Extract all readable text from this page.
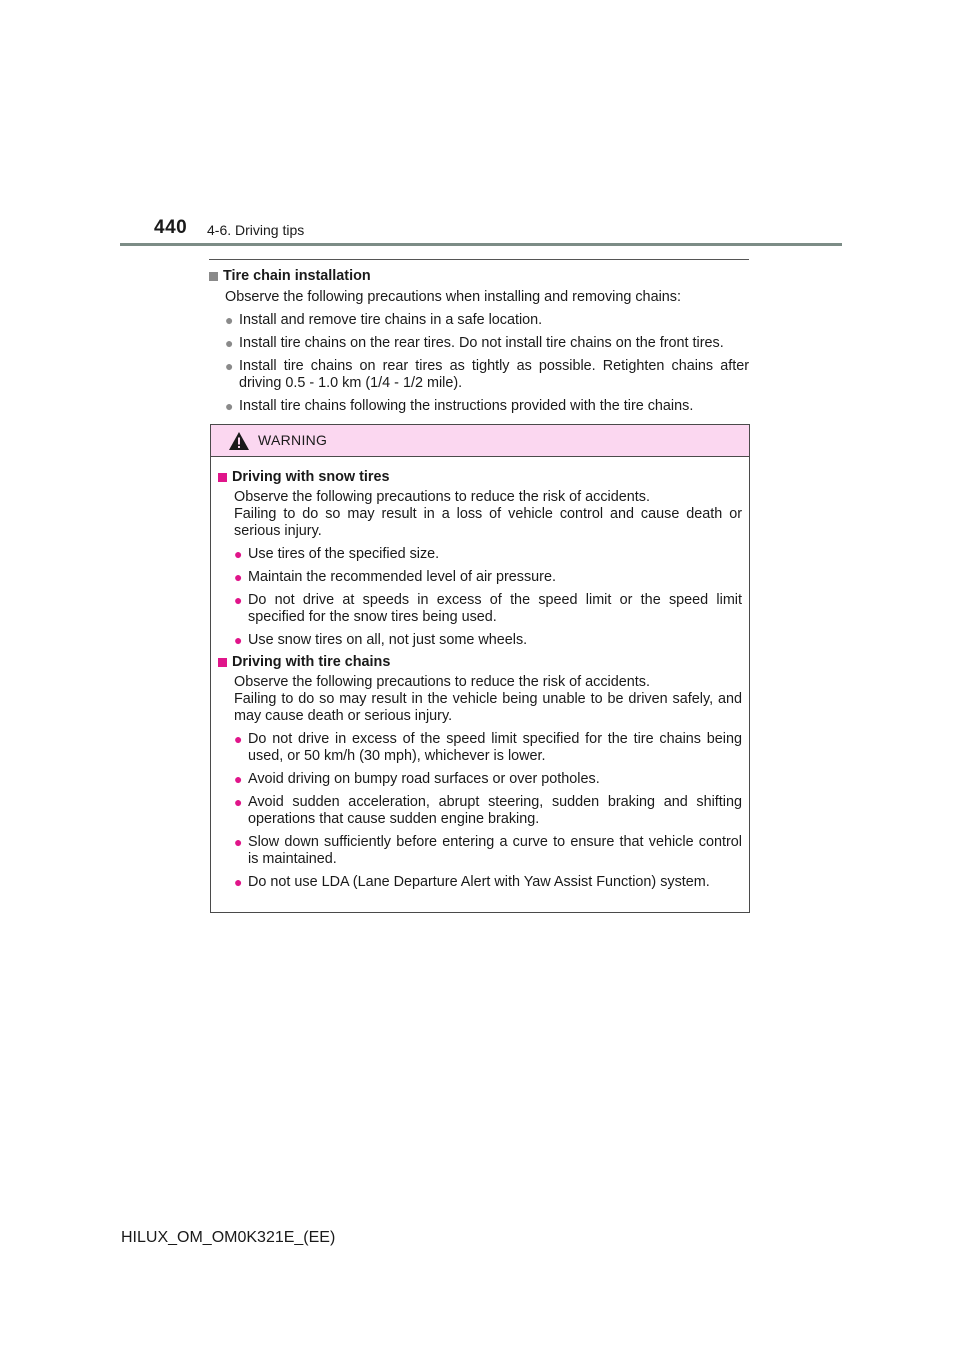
440 4-6. Driving tips
Tire chain installation
Observe the following precautions when installing and removing chains:
● Install and remove tire chains in a safe location.
● Install tire chains on the rear tires. Do not install tire chains on the front tires.
● Install tire chains on rear tires as tightly as possible. Retighten chains after driving 0.5 - 1.0 km (1/4 - 1/2 mile).
● Install tire chains following the instructions provided with the tire chains.
WARNING
Driving with snow tires
Observe the following precautions to reduce the risk of accidents.
Failing to do so may result in a loss of vehicle control and cause death or serious injury.
● Use tires of the specified size.
● Maintain the recommended level of air pressure.
● Do not drive at speeds in excess of the speed limit or the speed limit specified for the snow tires being used.
● Use snow tires on all, not just some wheels.
Driving with tire chains
Observe the following precautions to reduce the risk of accidents.
Failing to do so may result in the vehicle being unable to be driven safely, and may cause death or serious injury.
● Do not drive in excess of the speed limit specified for the tire chains being used, or 50 km/h (30 mph), whichever is lower.
● Avoid driving on bumpy road surfaces or over potholes.
● Avoid sudden acceleration, abrupt steering, sudden braking and shifting operations that cause sudden engine braking.
● Slow down sufficiently before entering a curve to ensure that vehicle control is maintained.
● Do not use LDA (Lane Departure Alert with Yaw Assist Function) system.
HILUX_OM_OM0K321E_(EE)
